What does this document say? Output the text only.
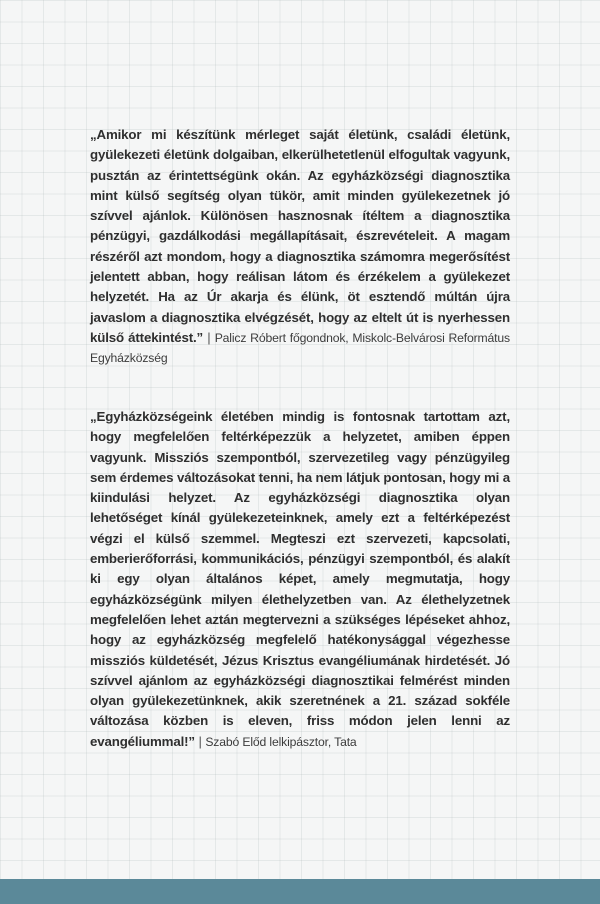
„Amikor mi készítünk mérleget saját életünk, családi életünk, gyülekezeti életünk dolgaiban, elkerülhetetlenül elfogultak vagyunk, pusztán az érintettségünk okán. Az egyházközségi diagnosztika mint külső segítség olyan tükör, amit minden gyülekezetnek jó szívvel ajánlok. Különösen hasznosnak ítéltem a diagnosztika pénzügyi, gazdálkodási megállapításait, észrevételeit. A magam részéről azt mondom, hogy a diagnosztika számomra megerősítést jelentett abban, hogy reálisan látom és érzékelem a gyülekezet helyzetét. Ha az Úr akarja és élünk, öt esztendő múltán újra javaslom a diagnosztika elvégzését, hogy az eltelt út is nyerhessen külső áttekintést.” | Palicz Róbert főgondnok, Miskolc-Belvárosi Református Egyházközség

„Egyházközségeink életében mindig is fontosnak tartottam azt, hogy megfelelően feltérképezzük a helyzetet, amiben éppen vagyunk. Missziós szempontból, szervezetileg vagy pénzügyileg sem érdemes változásokat tenni, ha nem látjuk pontosan, hogy mi a kiindulási helyzet. Az egyházközségi diagnosztika olyan lehetőséget kínál gyülekezeteinknek, amely ezt a feltérképezést végzi el külső szemmel. Megteszi ezt szervezeti, kapcsolati, emberierőforrási, kommunikációs, pénzügyi szempontból, és alakít ki egy olyan általános képet, amely megmutatja, hogy egyházközségünk milyen élethelyzetben van. Az élethelyzetnek megfelelően lehet aztán megtervezni a szükséges lépéseket ahhoz, hogy az egyházközség megfelelő hatékonysággal végezhesse missziós küldetését, Jézus Krisztus evangéliumának hirdetését. Jó szívvel ajánlom az egyházközségi diagnosztikai felmérést minden olyan gyülekezetünknek, akik szeretnének a 21. század sokféle változása közben is eleven, friss módon jelen lenni az evangéliummal!” | Szabó Előd lelkipásztor, Tata
